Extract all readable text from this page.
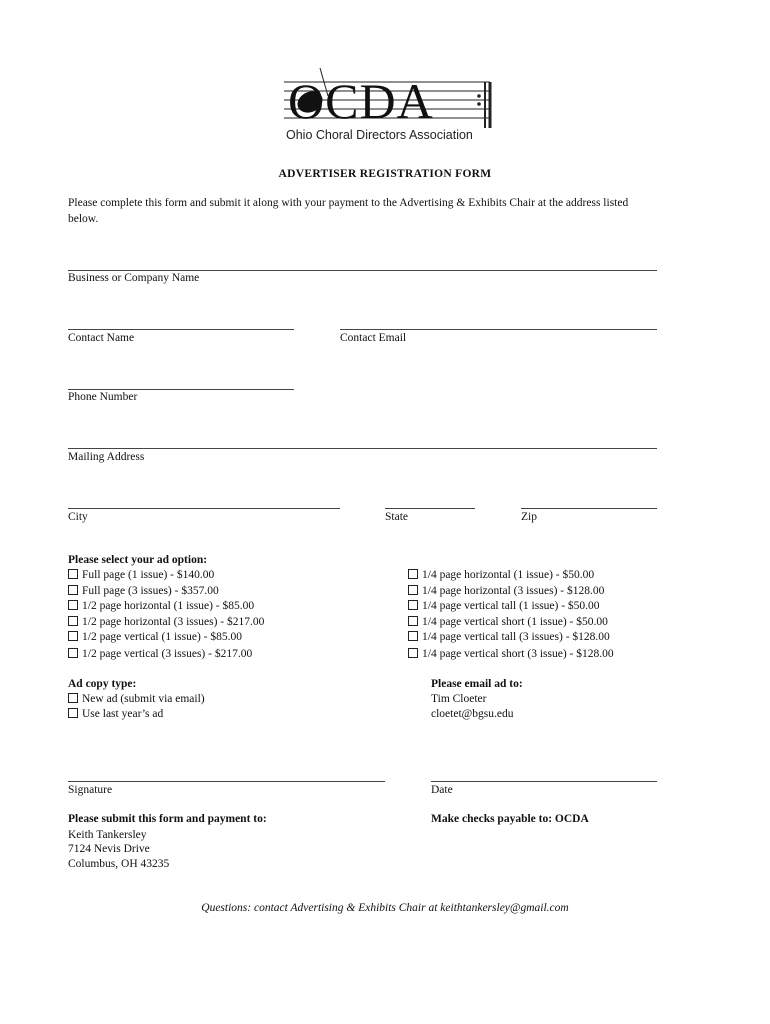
OCDA
Ohio Choral Directors Association
ADVERTISER REGISTRATION FORM
Please complete this form and submit it along with your payment to the Advertising & Exhibits Chair at the address listed
below.
Business or Company Name
Contact Name	Contact Email
Phone Number
Mailing Address
City	State	Zip
Please select your ad option:
Full page (1 issue) - $140.00
Full page (3 issues) - $357.00
1/2 page horizontal (1 issue) - $85.00
1/2 page horizontal (3 issues) - $217.00
1/2 page vertical (1 issue) - $85.00
1/2 page vertical (3 issues) - $217.00
1/4 page horizontal (1 issue) - $50.00
1/4 page horizontal (3 issues) - $128.00
1/4 page vertical tall (1 issue) - $50.00
1/4 page vertical short (1 issue) - $50.00
1/4 page vertical tall (3 issues) - $128.00
1/4 page vertical short (3 issue) - $128.00
Ad copy type:
New ad (submit via email)
Use last year’s ad
Please email ad to:
Tim Cloeter
cloetet@bgsu.edu
Signature	Date
Please submit this form and payment to:
Keith Tankersley
7124 Nevis Drive
Columbus, OH 43235
Make checks payable to: OCDA
Questions: contact Advertising & Exhibits Chair at keithtankersley@gmail.com
